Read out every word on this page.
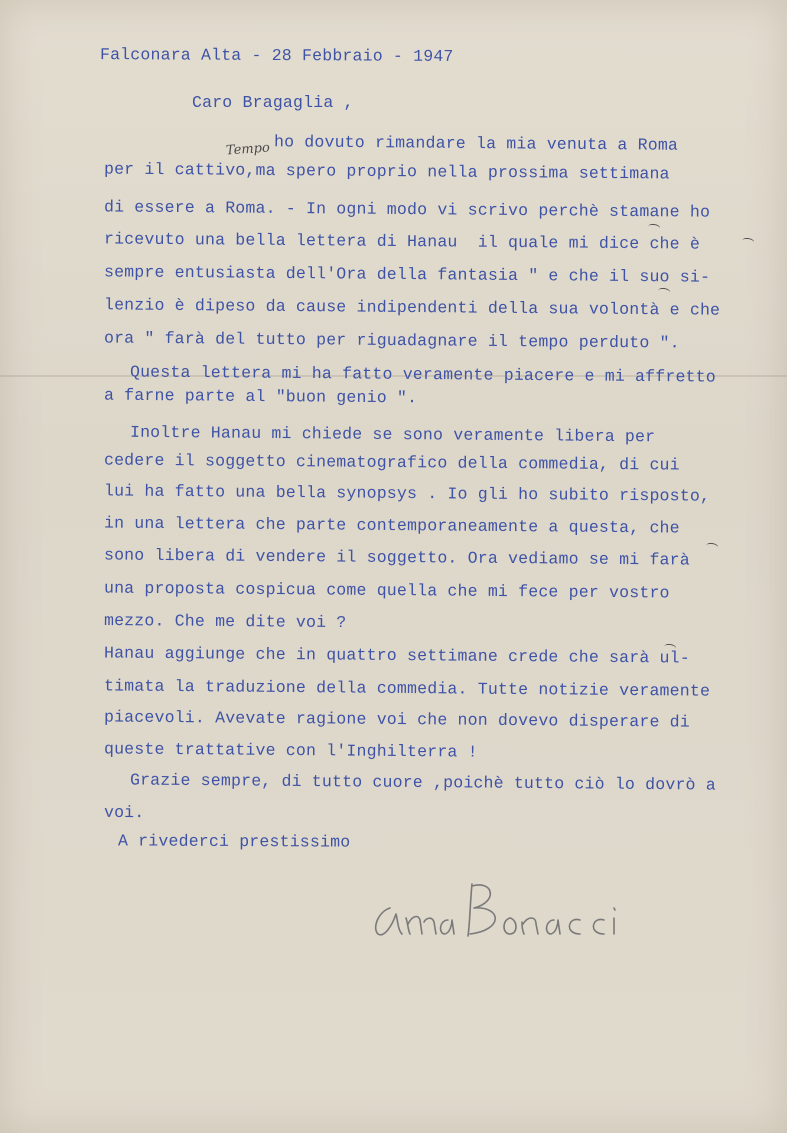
Falconara Alta - 28 Febbraio - 1947
Caro Bragaglia ,
ho dovuto rimandare la mia venuta a Roma
per il cattivo,ma spero proprio nella prossima settimana
di essere a Roma. - In ogni modo vi scrivo perchè stamane ho
ricevuto una bella lettera di Hanau  il quale mi dice che è
sempre entusiasta dell'Ora della fantasia " e che il suo si-
lenzio è dipeso da cause indipendenti della sua volontà e che
ora " farà del tutto per riguadagnare il tempo perduto ".
Questa lettera mi ha fatto veramente piacere e mi affretto
a farne parte al "buon genio ".
Inoltre Hanau mi chiede se sono veramente libera per
cedere il soggetto cinematografico della commedia, di cui
lui ha fatto una bella synopsys . Io gli ho subito risposto,
in una lettera che parte contemporaneamente a questa, che
sono libera di vendere il soggetto. Ora vediamo se mi farà
una proposta cospicua come quella che mi fece per vostro
mezzo. Che me dite voi ?
Hanau aggiunge che in quattro settimane crede che sarà ul-
timata la traduzione della commedia. Tutte notizie veramente
piacevoli. Avevate ragione voi che non dovevo disperare di
queste trattative con l'Inghilterra !
Grazie sempre, di tutto cuore ,poichè tutto ciò lo dovrò a
voi.
A rivederci prestissimo
Tempo
